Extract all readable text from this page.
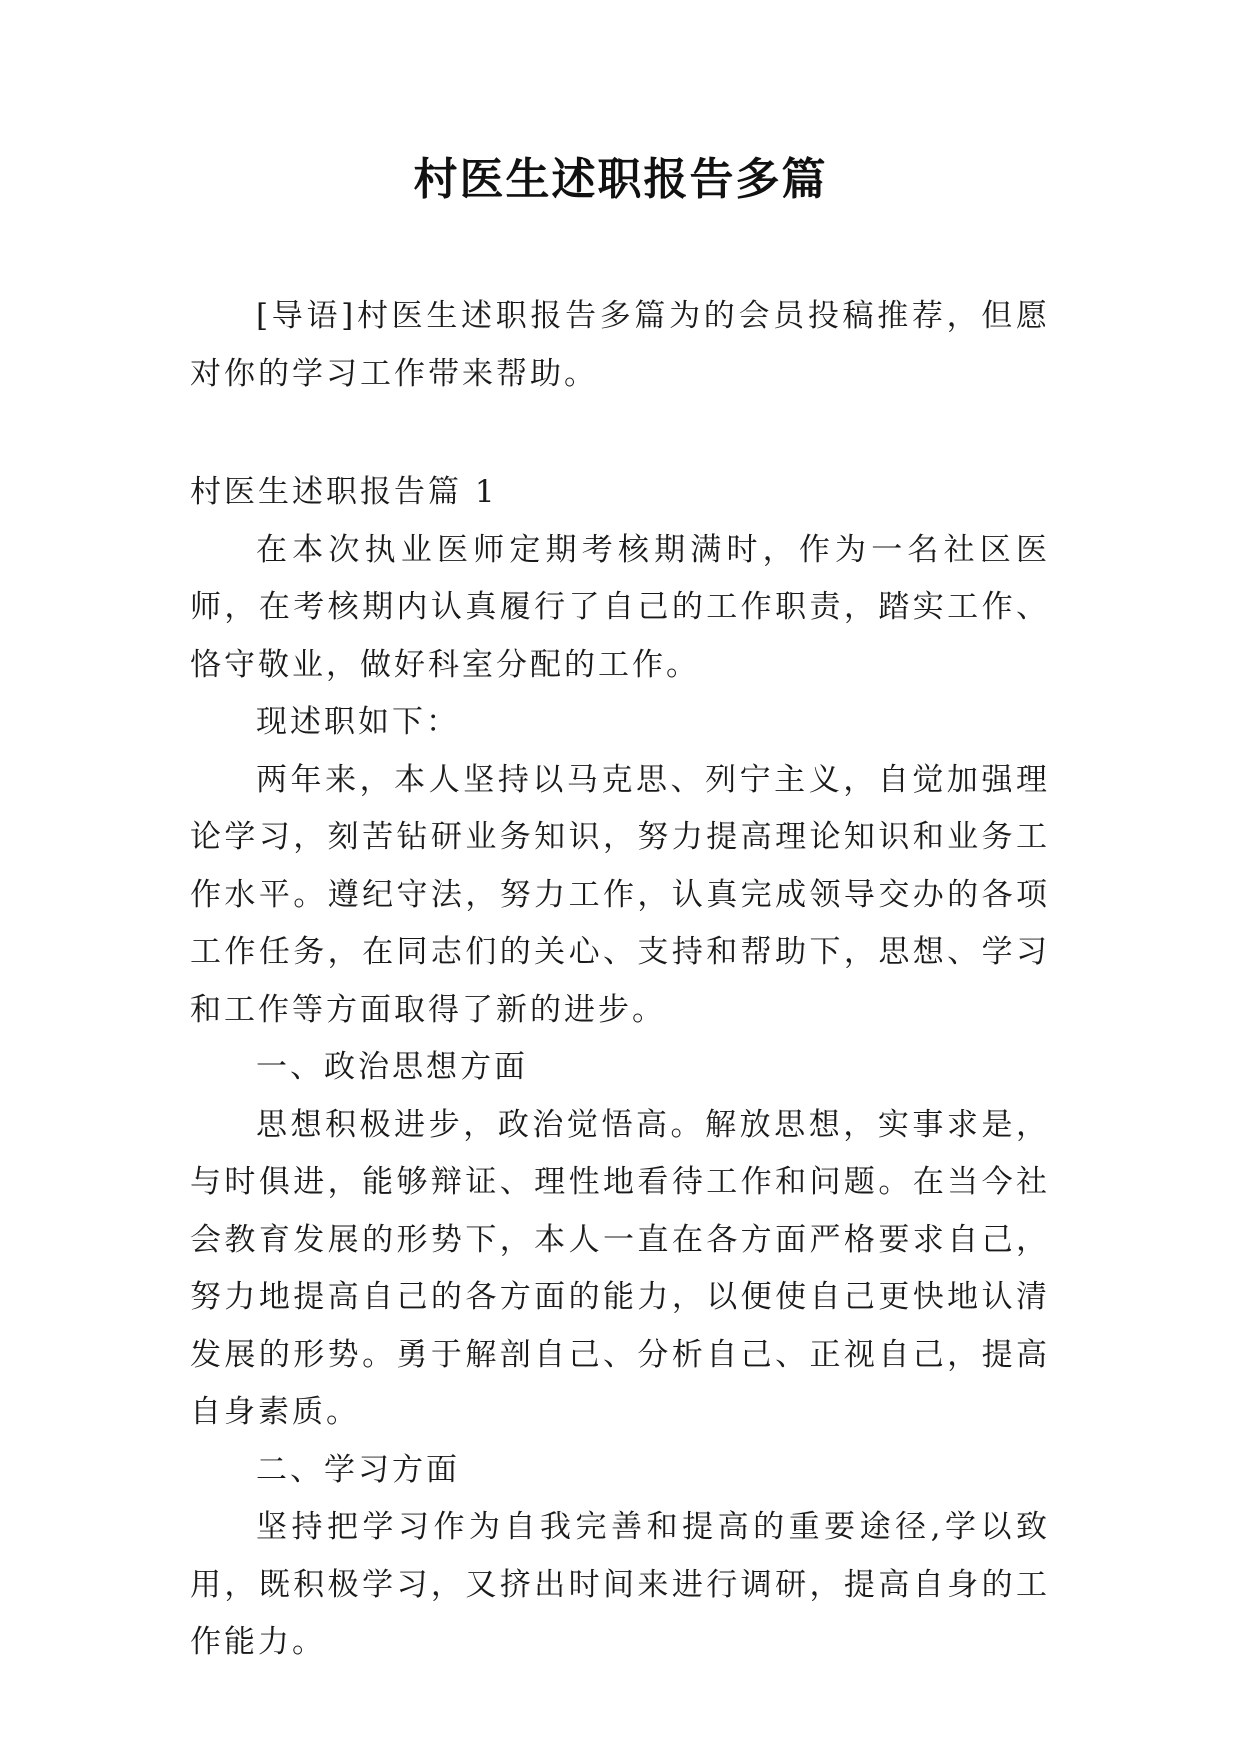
村医生述职报告多篇

[导语]村医生述职报告多篇为的会员投稿推荐，但愿对你的学习工作带来帮助。

村医生述职报告篇 1

在本次执业医师定期考核期满时，作为一名社区医师，在考核期内认真履行了自己的工作职责，踏实工作、恪守敬业，做好科室分配的工作。

现述职如下：

两年来，本人坚持以马克思、列宁主义，自觉加强理论学习，刻苦钻研业务知识，努力提高理论知识和业务工作水平。遵纪守法，努力工作，认真完成领导交办的各项工作任务，在同志们的关心、支持和帮助下，思想、学习和工作等方面取得了新的进步。

一、政治思想方面

思想积极进步，政治觉悟高。解放思想，实事求是，与时俱进，能够辩证、理性地看待工作和问题。在当今社会教育发展的形势下，本人一直在各方面严格要求自己，努力地提高自己的各方面的能力，以便使自己更快地认清发展的形势。勇于解剖自己、分析自己、正视自己，提高自身素质。

二、学习方面

坚持把学习作为自我完善和提高的重要途径,学以致用，既积极学习，又挤出时间来进行调研，提高自身的工作能力。
